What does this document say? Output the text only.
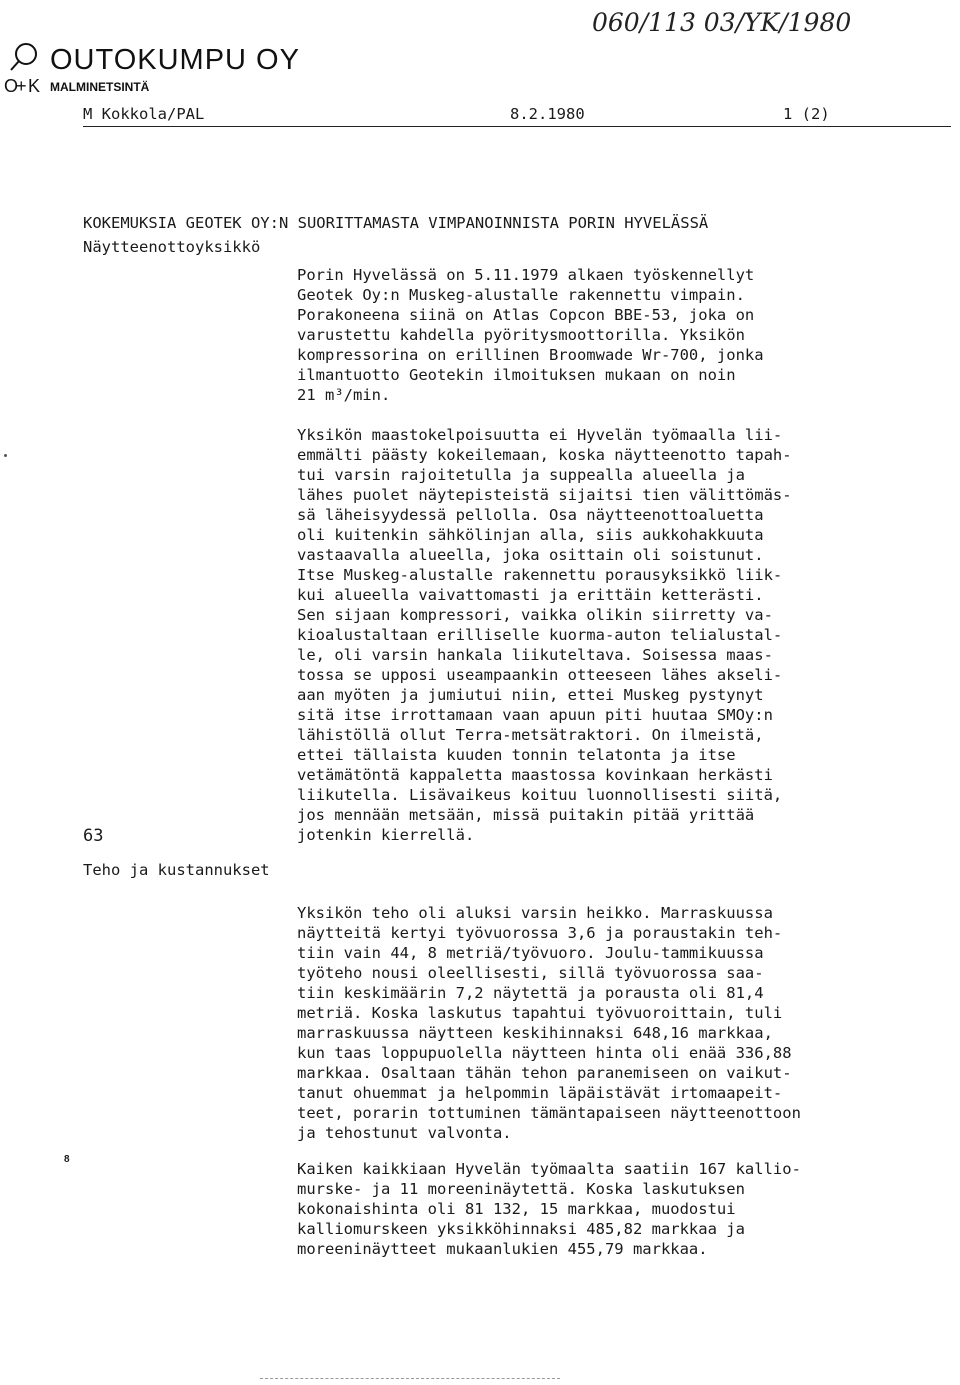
O
+ K
OUTOKUMPU OY
MALMINETSINTÄ
060/113 03/YK/1980
M Kokkola/PAL	8.2.1980	1 (2)
KOKEMUKSIA GEOTEK OY:N SUORITTAMASTA VIMPANOINNISTA PORIN HYVELÄSSÄ
Näytteenottoyksikkö
63
Teho ja kustannukset
Porin Hyvelässä on 5.11.1979 alkaen työskennellyt
Geotek Oy:n Muskeg-alustalle rakennettu vimpain.
Porakoneena siinä on Atlas Copcon BBE-53, joka on
varustettu kahdella pyöritysmoottorilla. Yksikön
kompressorina on erillinen Broomwade Wr-700, jonka
ilmantuotto Geotekin ilmoituksen mukaan on noin
21 m³/min.
Yksikön maastokelpoisuutta ei Hyvelän työmaalla lii-
emmälti päästy kokeilemaan, koska näytteenotto tapah-
tui varsin rajoitetulla ja suppealla alueella ja
lähes puolet näytepisteistä sijaitsi tien välittömäs-
sä läheisyydessä pellolla. Osa näytteenottoaluetta
oli kuitenkin sähkölinjan alla, siis aukkohakkuuta
vastaavalla alueella, joka osittain oli soistunut.
Itse Muskeg-alustalle rakennettu porausyksikkö liik-
kui alueella vaivattomasti ja erittäin ketterästi.
Sen sijaan kompressori, vaikka olikin siirretty va-
kioalustaltaan erilliselle kuorma-auton telialustal-
le, oli varsin hankala liikuteltava. Soisessa maas-
tossa se upposi useampaankin otteeseen lähes akseli-
aan myöten ja jumiutui niin, ettei Muskeg pystynyt
sitä itse irrottamaan vaan apuun piti huutaa SMOy:n
lähistöllä ollut Terra-metsätraktori. On ilmeistä,
ettei tällaista kuuden tonnin telatonta ja itse
vetämätöntä kappaletta maastossa kovinkaan herkästi
liikutella. Lisävaikeus koituu luonnollisesti siitä,
jos mennään metsään, missä puitakin pitää yrittää
jotenkin kierrellä.
Yksikön teho oli aluksi varsin heikko. Marraskuussa
näytteitä kertyi työvuorossa 3,6 ja poraustakin teh-
tiin vain 44, 8 metriä/työvuoro. Joulu-tammikuussa
työteho nousi oleellisesti, sillä työvuorossa saa-
tiin keskimäärin 7,2 näytettä ja porausta oli 81,4
metriä. Koska laskutus tapahtui työvuoroittain, tuli
marraskuussa näytteen keskihinnaksi 648,16 markkaa,
kun taas loppupuolella näytteen hinta oli enää 336,88
markkaa. Osaltaan tähän tehon paranemiseen on vaikut-
tanut ohuemmat ja helpommin läpäistävät irtomaapeit-
teet, porarin tottuminen tämäntapaiseen näytteenottoon
ja tehostunut valvonta.
Kaiken kaikkiaan Hyvelän työmaalta saatiin 167 kallio-
murske- ja 11 moreeninäytettä. Koska laskutuksen
kokonaishinta oli 81 132, 15 markkaa, muodostui
kalliomurskeen yksikköhinnaksi 485,82 markkaa ja
moreeninäytteet mukaanlukien 455,79 markkaa.
8
